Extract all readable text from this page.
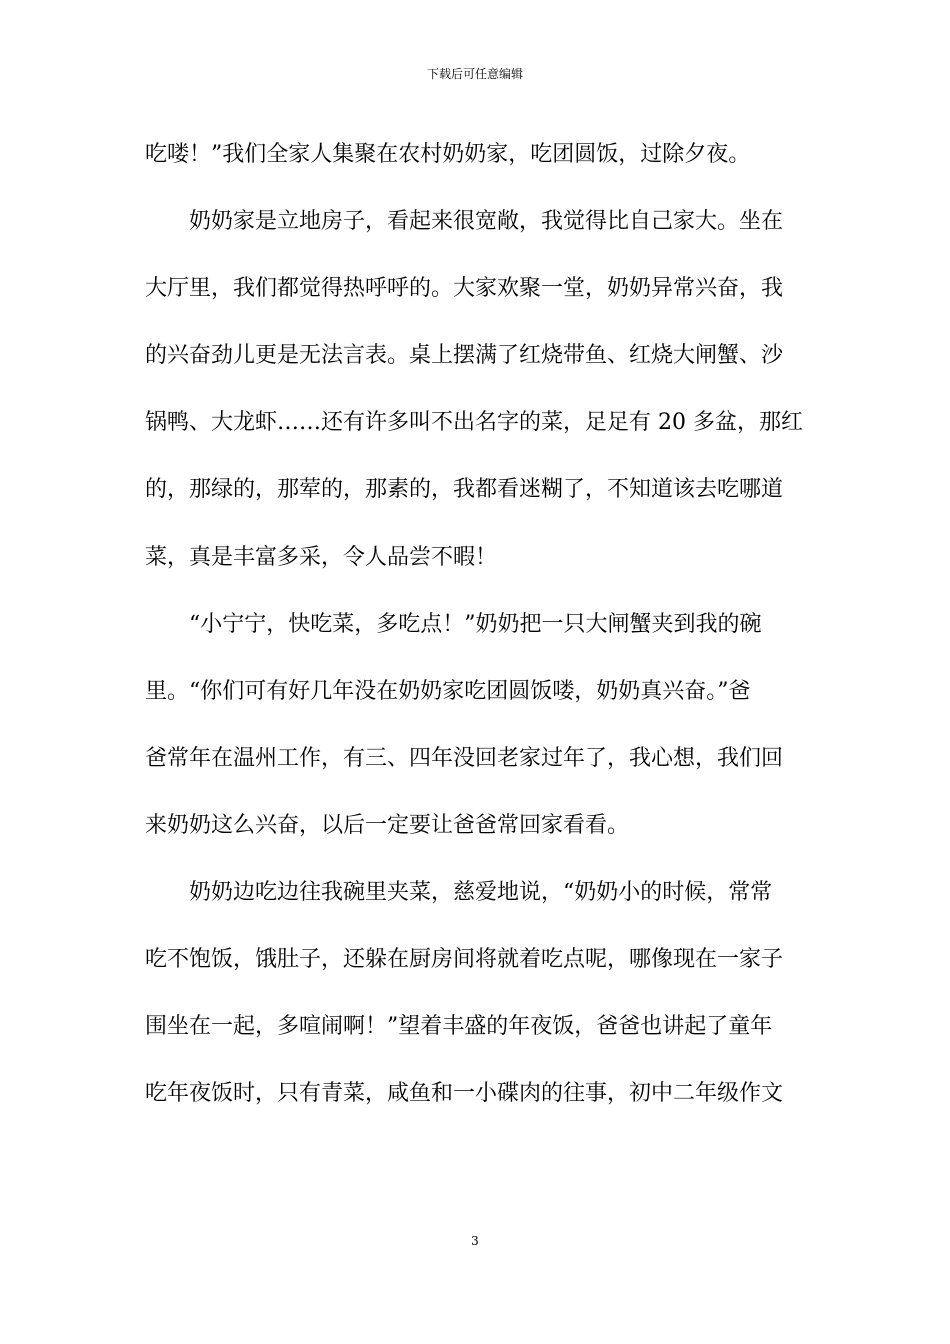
下载后可任意编辑
吃喽！”我们全家人集聚在农村奶奶家，吃团圆饭，过除夕夜。
　　奶奶家是立地房子，看起来很宽敞，我觉得比自己家大。坐在
大厅里，我们都觉得热呼呼的。大家欢聚一堂，奶奶异常兴奋，我
的兴奋劲儿更是无法言表。桌上摆满了红烧带鱼、红烧大闸蟹、沙
锅鸭、大龙虾……还有许多叫不出名字的菜，足足有 20 多盆，那红
的，那绿的，那荤的，那素的，我都看迷糊了，不知道该去吃哪道
菜，真是丰富多采，令人品尝不暇！
　　“小宁宁，快吃菜，多吃点！”奶奶把一只大闸蟹夹到我的碗
里。“你们可有好几年没在奶奶家吃团圆饭喽，奶奶真兴奋。”爸
爸常年在温州工作，有三、四年没回老家过年了，我心想，我们回
来奶奶这么兴奋，以后一定要让爸爸常回家看看。
　　奶奶边吃边往我碗里夹菜，慈爱地说，“奶奶小的时候，常常
吃不饱饭，饿肚子，还躲在厨房间将就着吃点呢，哪像现在一家子
围坐在一起，多喧闹啊！”望着丰盛的年夜饭，爸爸也讲起了童年
吃年夜饭时，只有青菜，咸鱼和一小碟肉的往事，初中二年级作文
3
